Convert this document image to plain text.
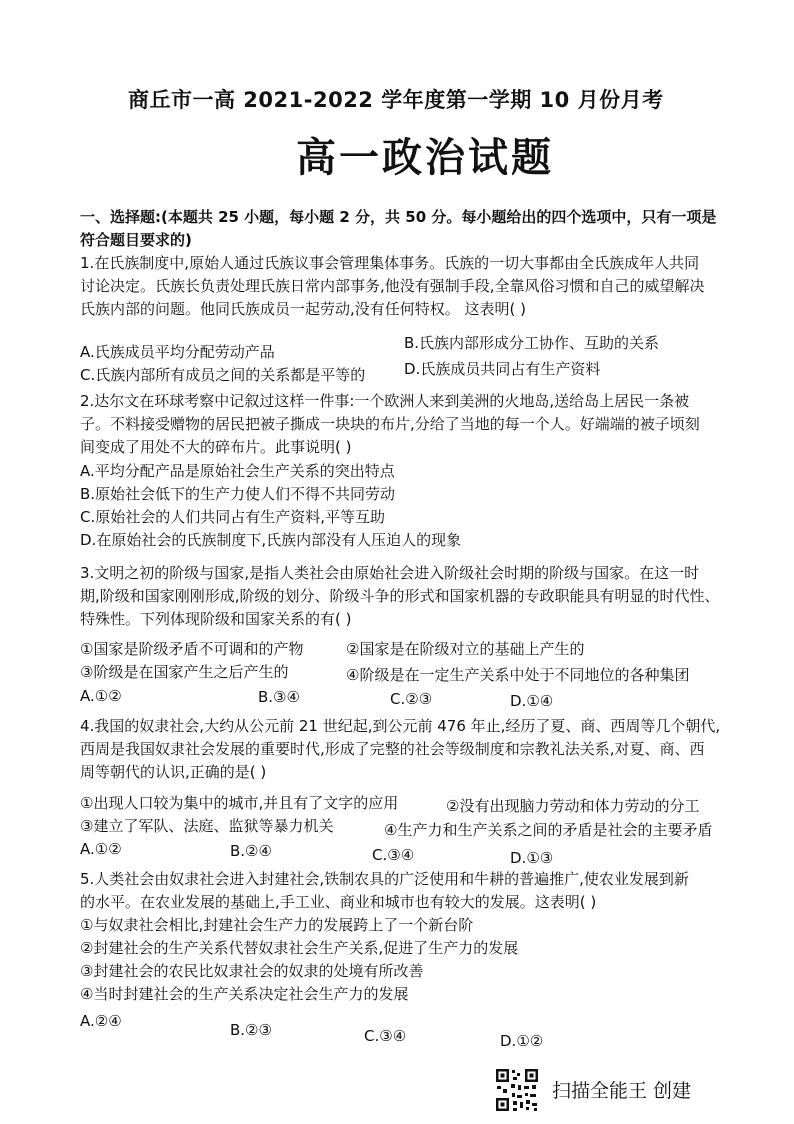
商丘市一高 2021-2022 学年度第一学期 10 月份月考
高一政治试题
一、选择题:(本题共 25 小题，每小题 2 分，共 50 分。每小题给出的四个选项中，只有一项是
符合题目要求的)
1.在氏族制度中,原始人通过氏族议事会管理集体事务。氏族的一切大事都由全氏族成年人共同
讨论决定。氏族长负责处理氏族日常内部事务,他没有强制手段,全靠风俗习惯和自己的威望解决
氏族内部的问题。他同氏族成员一起劳动,没有任何特权。 这表明( )
A.氏族成员平均分配劳动产品	B.氏族内部形成分工协作、互助的关系
C.氏族内部所有成员之间的关系都是平等的	D.氏族成员共同占有生产资料
2.达尔文在环球考察中记叙过这样一件事:一个欧洲人来到美洲的火地岛,送给岛上居民一条被
子。不料接受赠物的居民把被子撕成一块块的布片,分给了当地的每一个人。好端端的被子顷刻
间变成了用处不大的碎布片。此事说明( )
A.平均分配产品是原始社会生产关系的突出特点
B.原始社会低下的生产力使人们不得不共同劳动
C.原始社会的人们共同占有生产资料,平等互助
D.在原始社会的氏族制度下,氏族内部没有人压迫人的现象
3.文明之初的阶级与国家,是指人类社会由原始社会进入阶级社会时期的阶级与国家。在这一时
期,阶级和国家刚刚形成,阶级的划分、阶级斗争的形式和国家机器的专政职能具有明显的时代性、
特殊性。下列体现阶级和国家关系的有( )
①国家是阶级矛盾不可调和的产物	②国家是在阶级对立的基础上产生的
③阶级是在国家产生之后产生的	④阶级是在一定生产关系中处于不同地位的各种集团
A.①②	B.③④	C.②③	D.①④
4.我国的奴隶社会,大约从公元前 21 世纪起,到公元前 476 年止,经历了夏、商、西周等几个朝代,
西周是我国奴隶社会发展的重要时代,形成了完整的社会等级制度和宗教礼法关系,对夏、商、西
周等朝代的认识,正确的是( )
①出现人口较为集中的城市,并且有了文字的应用	②没有出现脑力劳动和体力劳动的分工
③建立了军队、法庭、监狱等暴力机关	④生产力和生产关系之间的矛盾是社会的主要矛盾
A.①②	B.②④	C.③④	D.①③
5.人类社会由奴隶社会进入封建社会,铁制农具的广泛使用和牛耕的普遍推广,使农业发展到新
的水平。在农业发展的基础上,手工业、商业和城市也有较大的发展。这表明( )
①与奴隶社会相比,封建社会生产力的发展跨上了一个新台阶
②封建社会的生产关系代替奴隶社会生产关系,促进了生产力的发展
③封建社会的农民比奴隶社会的奴隶的处境有所改善
④当时封建社会的生产关系决定社会生产力的发展
A.②④	B.②③	C.③④	D.①②
扫描全能王 创建
